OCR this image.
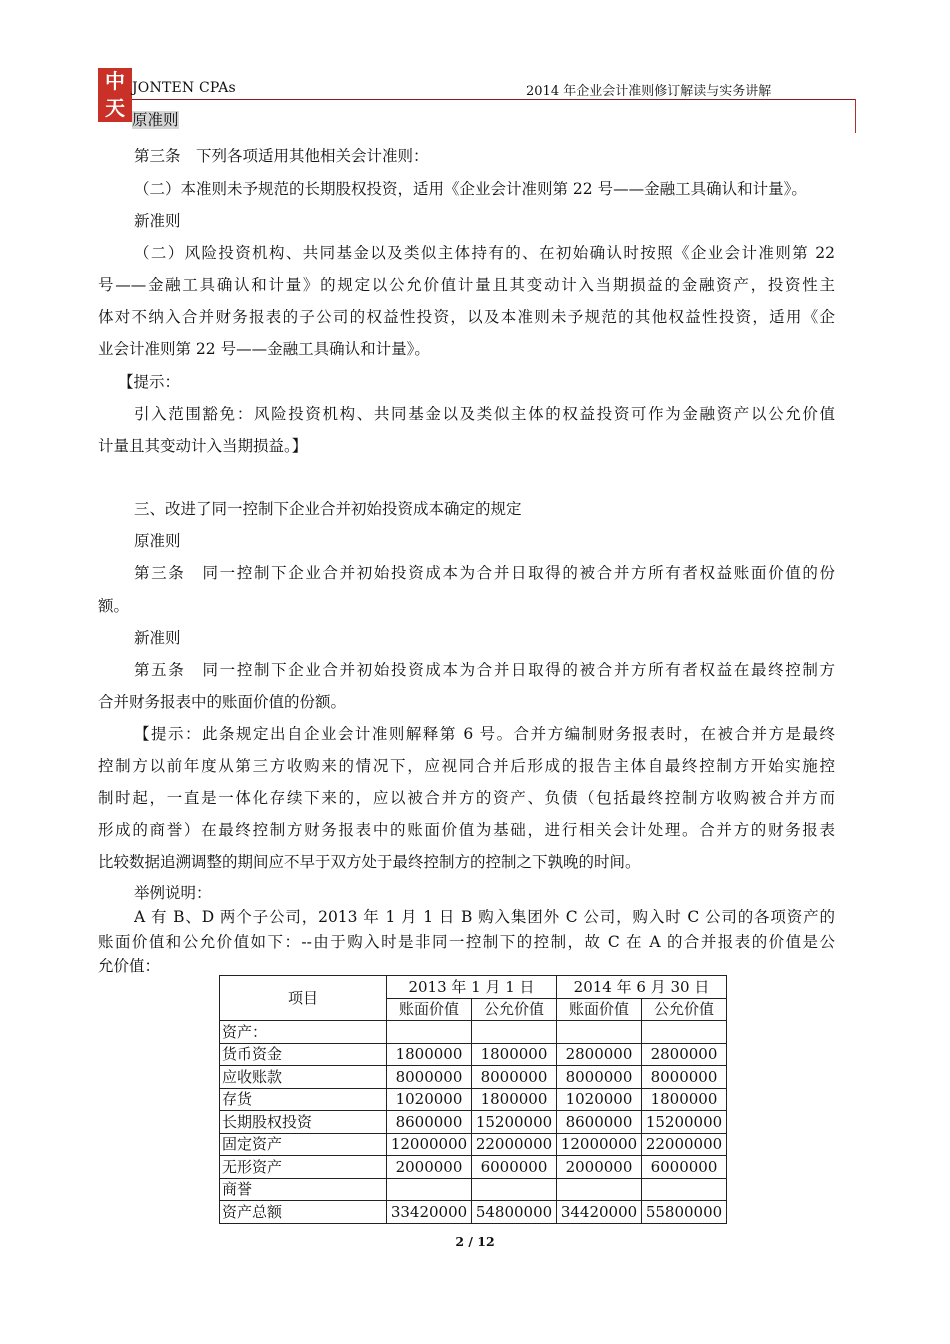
中
天
JONTEN CPAs	2014 年企业会计准则修订解读与实务讲解
原准则
第三条　下列各项适用其他相关会计准则：
（二）本准则未予规范的长期股权投资，适用《企业会计准则第 22 号——金融工具确认和计量》。
新准则
（二）风险投资机构、共同基金以及类似主体持有的、在初始确认时按照《企业会计准则第 22
号——金融工具确认和计量》的规定以公允价值计量且其变动计入当期损益的金融资产，投资性主
体对不纳入合并财务报表的子公司的权益性投资，以及本准则未予规范的其他权益性投资，适用《企
业会计准则第 22 号——金融工具确认和计量》。
【提示：
引入范围豁免：风险投资机构、共同基金以及类似主体的权益投资可作为金融资产以公允价值
计量且其变动计入当期损益。】
三、改进了同一控制下企业合并初始投资成本确定的规定
原准则
第三条　同一控制下企业合并初始投资成本为合并日取得的被合并方所有者权益账面价值的份
额。
新准则
第五条　同一控制下企业合并初始投资成本为合并日取得的被合并方所有者权益在最终控制方
合并财务报表中的账面价值的份额。
【提示：此条规定出自企业会计准则解释第 6 号。合并方编制财务报表时，在被合并方是最终
控制方以前年度从第三方收购来的情况下，应视同合并后形成的报告主体自最终控制方开始实施控
制时起，一直是一体化存续下来的，应以被合并方的资产、负债（包括最终控制方收购被合并方而
形成的商誉）在最终控制方财务报表中的账面价值为基础，进行相关会计处理。合并方的财务报表
比较数据追溯调整的期间应不早于双方处于最终控制方的控制之下孰晚的时间。
举例说明：
A 有 B、D 两个子公司，2013 年 1 月 1 日 B 购入集团外 C 公司，购入时 C 公司的各项资产的
账面价值和公允价值如下：--由于购入时是非同一控制下的控制，故 C 在 A 的合并报表的价值是公
允价值：
项目	2013 年 1 月 1 日		2014 年 6 月 30 日	
	账面价值	公允价值	账面价值	公允价值
资产：				
货币资金	1800000	1800000	2800000	2800000
应收账款	8000000	8000000	8000000	8000000
存货	1020000	1800000	1020000	1800000
长期股权投资	8600000	15200000	8600000	15200000
固定资产	12000000	22000000	12000000	22000000
无形资产	2000000	6000000	2000000	6000000
商誉				
资产总额	33420000	54800000	34420000	55800000
2 / 12
